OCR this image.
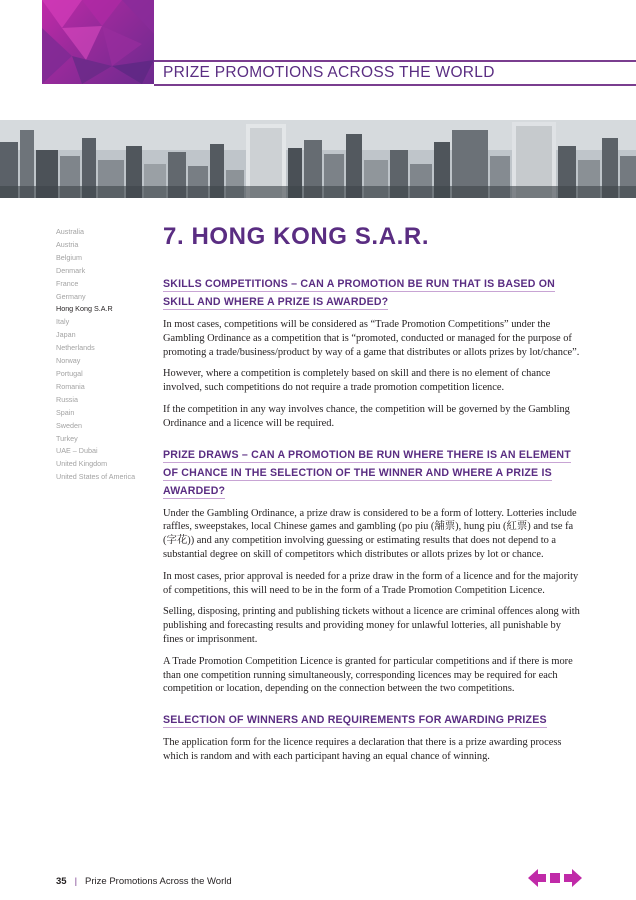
PRIZE PROMOTIONS ACROSS THE WORLD
Australia
Austria
Belgium
Denmark
France
Germany
Hong Kong S.A.R
Italy
Japan
Netherlands
Norway
Portugal
Romania
Russia
Spain
Sweden
Turkey
UAE – Dubai
United Kingdom
United States of America
7. HONG KONG S.A.R.
SKILLS COMPETITIONS – CAN A PROMOTION BE RUN THAT IS BASED ON SKILL AND WHERE A PRIZE IS AWARDED?

In most cases, competitions will be considered as “Trade Promotion Competitions” under the Gambling Ordinance as a competition that is “promoted, conducted or managed for the purpose of promoting a trade/business/product by way of a game that distributes or allots prizes by lot/chance”.

However, where a competition is completely based on skill and there is no element of chance involved, such competitions do not require a trade promotion competition licence.

If the competition in any way involves chance, the competition will be governed by the Gambling Ordinance and a licence will be required.

PRIZE DRAWS – CAN A PROMOTION BE RUN WHERE THERE IS AN ELEMENT OF CHANCE IN THE SELECTION OF THE WINNER AND WHERE A PRIZE IS AWARDED?

Under the Gambling Ordinance, a prize draw is considered to be a form of lottery. Lotteries include raffles, sweepstakes, local Chinese games and gambling (po piu (舖票), hung piu (紅票) and tse fa (字花)) and any competition involving guessing or estimating results that does not depend to a substantial degree on skill of competitors which distributes or allots prizes by lot or chance.

In most cases, prior approval is needed for a prize draw in the form of a licence and for the majority of competitions, this will need to be in the form of a Trade Promotion Competition Licence.

Selling, disposing, printing and publishing tickets without a licence are criminal offences along with publishing and forecasting results and providing money for unlawful lotteries, all punishable by fines or imprisonment.

A Trade Promotion Competition Licence is granted for particular competitions and if there is more than one competition running simultaneously, corresponding licences may be required for each competition or location, depending on the connection between the two competitions.

SELECTION OF WINNERS AND REQUIREMENTS FOR AWARDING PRIZES

The application form for the licence requires a declaration that there is a prize awarding process which is random and with each participant having an equal chance of winning.

35 | Prize Promotions Across the World
